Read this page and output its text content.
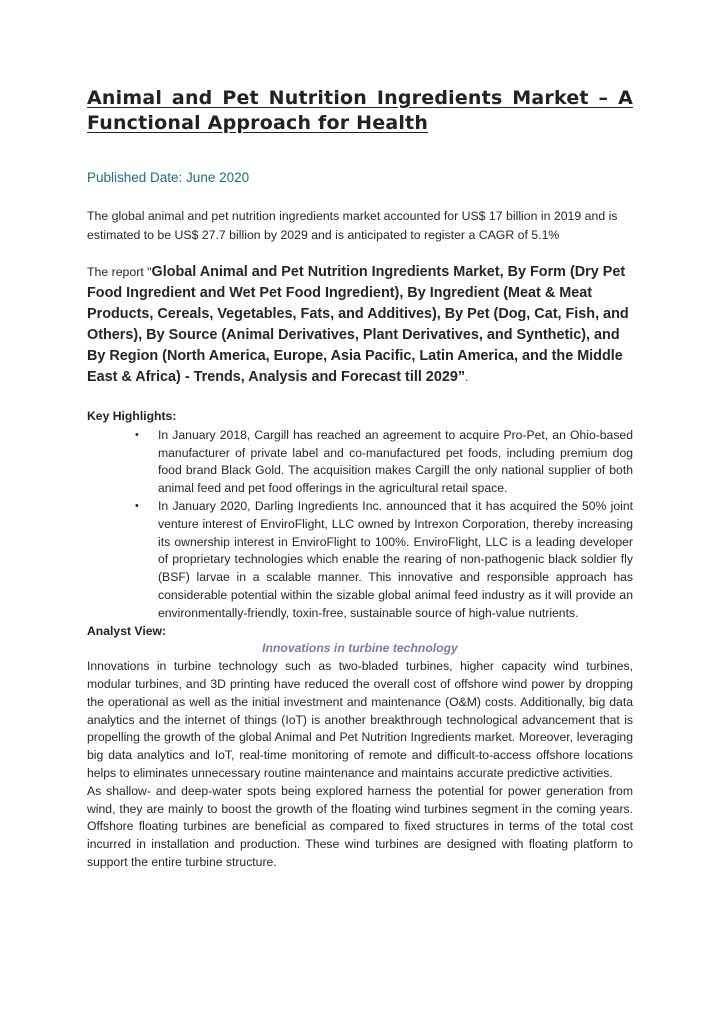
Animal and Pet Nutrition Ingredients Market – A Functional Approach for Health
Published Date: June 2020

The global animal and pet nutrition ingredients market accounted for US$ 17 billion in 2019 and is estimated to be US$ 27.7 billion by 2029 and is anticipated to register a CAGR of 5.1%

The report "Global Animal and Pet Nutrition Ingredients Market, By Form (Dry Pet Food Ingredient and Wet Pet Food Ingredient), By Ingredient (Meat & Meat Products, Cereals, Vegetables, Fats, and Additives), By Pet (Dog, Cat, Fish, and Others), By Source (Animal Derivatives, Plant Derivatives, and Synthetic), and By Region (North America, Europe, Asia Pacific, Latin America, and the Middle East & Africa) - Trends, Analysis and Forecast till 2029”.

Key Highlights:
• In January 2018, Cargill has reached an agreement to acquire Pro-Pet, an Ohio-based manufacturer of private label and co-manufactured pet foods, including premium dog food brand Black Gold. The acquisition makes Cargill the only national supplier of both animal feed and pet food offerings in the agricultural retail space.
• In January 2020, Darling Ingredients Inc. announced that it has acquired the 50% joint venture interest of EnviroFlight, LLC owned by Intrexon Corporation, thereby increasing its ownership interest in EnviroFlight to 100%. EnviroFlight, LLC is a leading developer of proprietary technologies which enable the rearing of non-pathogenic black soldier fly (BSF) larvae in a scalable manner. This innovative and responsible approach has considerable potential within the sizable global animal feed industry as it will provide an environmentally-friendly, toxin-free, sustainable source of high-value nutrients.
Analyst View:
Innovations in turbine technology

Innovations in turbine technology such as two-bladed turbines, higher capacity wind turbines, modular turbines, and 3D printing have reduced the overall cost of offshore wind power by dropping the operational as well as the initial investment and maintenance (O&M) costs. Additionally, big data analytics and the internet of things (IoT) is another breakthrough technological advancement that is propelling the growth of the global Animal and Pet Nutrition Ingredients market. Moreover, leveraging big data analytics and IoT, real-time monitoring of remote and difficult-to-access offshore locations helps to eliminates unnecessary routine maintenance and maintains accurate predictive activities.

As shallow- and deep-water spots being explored harness the potential for power generation from wind, they are mainly to boost the growth of the floating wind turbines segment in the coming years. Offshore floating turbines are beneficial as compared to fixed structures in terms of the total cost incurred in installation and production. These wind turbines are designed with floating platform to support the entire turbine structure.
